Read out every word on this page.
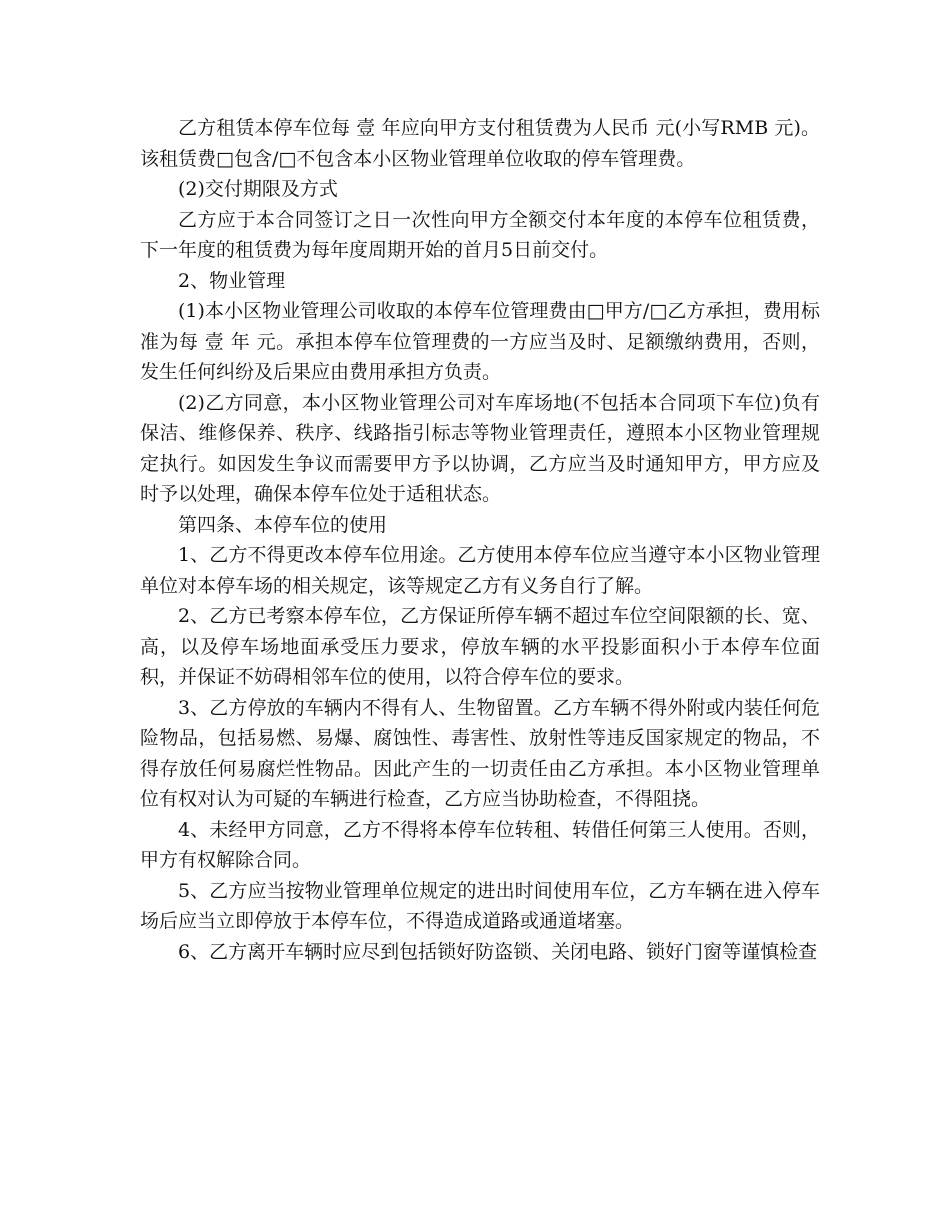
乙方租赁本停车位每 壹 年应向甲方支付租赁费为人民币 元(小写RMB 元)。该租赁费□包含/□不包含本小区物业管理单位收取的停车管理费。

(2)交付期限及方式

乙方应于本合同签订之日一次性向甲方全额交付本年度的本停车位租赁费，下一年度的租赁费为每年度周期开始的首月5日前交付。

2、物业管理

(1)本小区物业管理公司收取的本停车位管理费由□甲方/□乙方承担，费用标准为每 壹 年 元。承担本停车位管理费的一方应当及时、足额缴纳费用，否则，发生任何纠纷及后果应由费用承担方负责。

(2)乙方同意，本小区物业管理公司对车库场地(不包括本合同项下车位)负有保洁、维修保养、秩序、线路指引标志等物业管理责任，遵照本小区物业管理规定执行。如因发生争议而需要甲方予以协调，乙方应当及时通知甲方，甲方应及时予以处理，确保本停车位处于适租状态。

第四条、本停车位的使用

1、乙方不得更改本停车位用途。乙方使用本停车位应当遵守本小区物业管理单位对本停车场的相关规定，该等规定乙方有义务自行了解。

2、乙方已考察本停车位，乙方保证所停车辆不超过车位空间限额的长、宽、高，以及停车场地面承受压力要求，停放车辆的水平投影面积小于本停车位面积，并保证不妨碍相邻车位的使用，以符合停车位的要求。

3、乙方停放的车辆内不得有人、生物留置。乙方车辆不得外附或内装任何危险物品，包括易燃、易爆、腐蚀性、毒害性、放射性等违反国家规定的物品，不得存放任何易腐烂性物品。因此产生的一切责任由乙方承担。本小区物业管理单位有权对认为可疑的车辆进行检查，乙方应当协助检查，不得阻挠。

4、未经甲方同意，乙方不得将本停车位转租、转借任何第三人使用。否则，甲方有权解除合同。

5、乙方应当按物业管理单位规定的进出时间使用车位，乙方车辆在进入停车场后应当立即停放于本停车位，不得造成道路或通道堵塞。

6、乙方离开车辆时应尽到包括锁好防盗锁、关闭电路、锁好门窗等谨慎检查
